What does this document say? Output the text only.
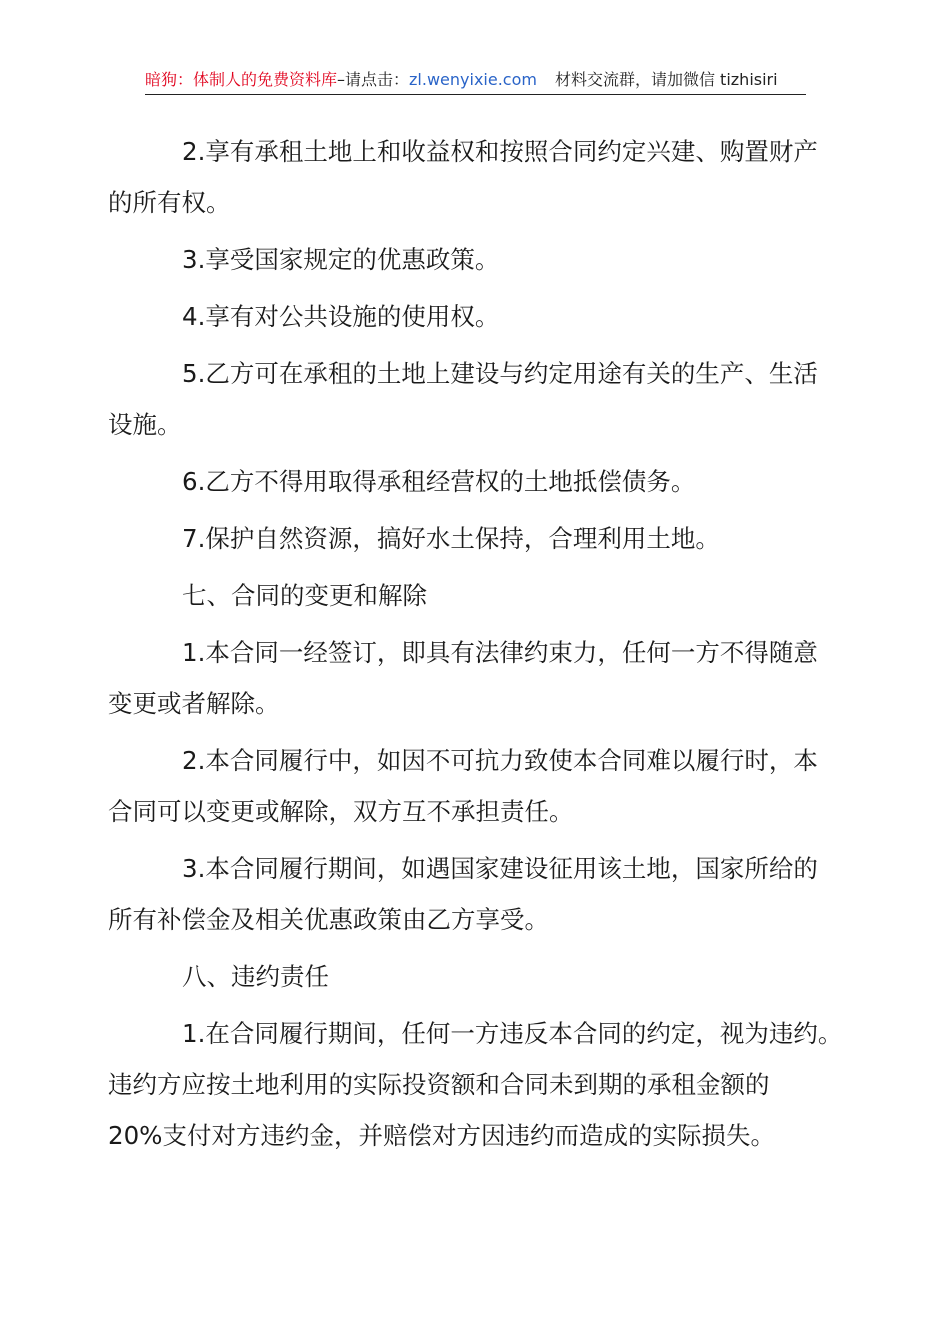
暗狗：体制人的免费资料库–请点击：zl.wenyixie.com 材料交流群，请加微信 tizhisiri

2.享有承租土地上和收益权和按照合同约定兴建、购置财产
的所有权。

3.享受国家规定的优惠政策。

4.享有对公共设施的使用权。

5.乙方可在承租的土地上建设与约定用途有关的生产、生活
设施。

6.乙方不得用取得承租经营权的土地抵偿债务。

7.保护自然资源，搞好水土保持，合理利用土地。

七、合同的变更和解除

1.本合同一经签订，即具有法律约束力，任何一方不得随意
变更或者解除。

2.本合同履行中，如因不可抗力致使本合同难以履行时，本
合同可以变更或解除，双方互不承担责任。

3.本合同履行期间，如遇国家建设征用该土地，国家所给的
所有补偿金及相关优惠政策由乙方享受。

八、违约责任

1.在合同履行期间，任何一方违反本合同的约定，视为违约。
违约方应按土地利用的实际投资额和合同未到期的承租金额的
20%支付对方违约金，并赔偿对方因违约而造成的实际损失。
